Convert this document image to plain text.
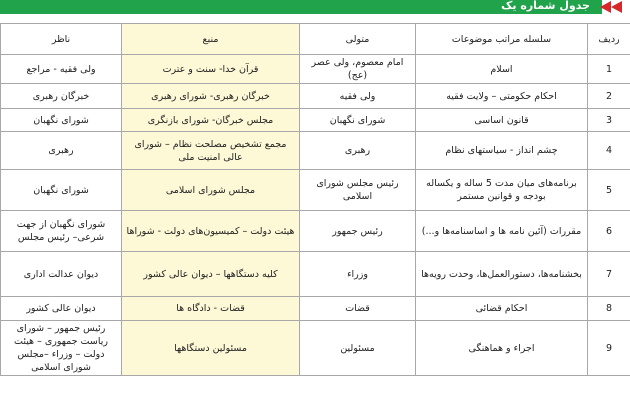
جدول شماره یک
ردیف	سلسله مراتب موضوعات	متولی	منبع	ناظر
1	اسلام	امام معصوم، ولی عصر (عج)	قرآن خدا- سنت و عترت	ولی فقیه - مراجع
2	احکام حکومتی – ولایت فقیه	ولی فقیه	خبرگان رهبری- شورای رهبری	خبرگان رهبری
3	قانون اساسی	شورای نگهبان	مجلس خبرگان- شورای بازنگری	شورای نگهبان
4	چشم انداز - سیاستهای نظام	رهبری	مجمع تشخیص مصلحت نظام – شورای عالی امنیت ملی	رهبری
5	برنامه‌های میان مدت 5 ساله و یکساله بودجه و قوانین مستمر	رئیس مجلس شورای اسلامی	مجلس شورای اسلامی	شورای نگهبان
6	مقررات (آئین نامه ها و اساسنامه‌ها و...)	رئیس جمهور	هیئت دولت – کمیسیون‌های دولت - شوراها	شورای نگهبان از جهت شرعی– رئیس مجلس
7	بخشنامه‌ها، دستورالعمل‌ها، وحدت رویه‌ها	وزراء	کلیه دستگاهها – دیوان عالی کشور	دیوان عدالت اداری
8	احکام قضائی	قضات	قضات - دادگاه ها	دیوان عالی کشور
9	اجراء و هماهنگی	مسئولین	مسئولین دستگاهها	رئیس جمهور – شورای ریاست جمهوری – هیئت دولت – وزراء –مجلس شورای اسلامی
